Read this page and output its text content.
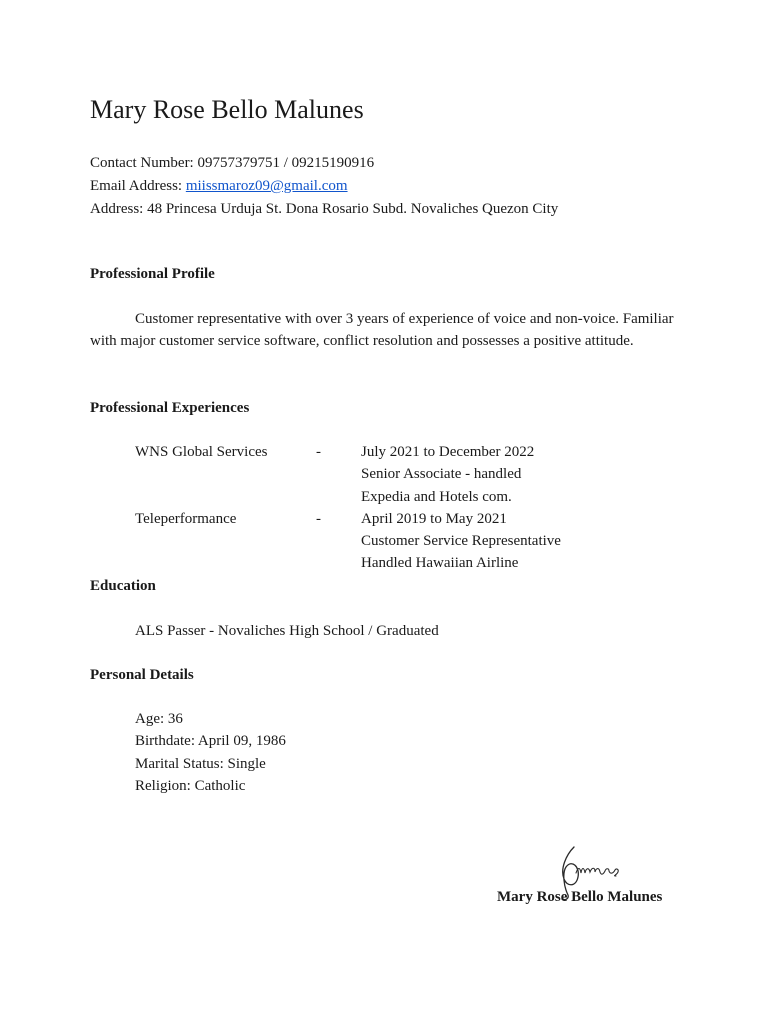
Mary Rose Bello Malunes
Contact Number: 09757379751 / 09215190916
Email Address: miissmaroz09@gmail.com
Address: 48 Princesa Urduja St. Dona Rosario Subd. Novaliches Quezon City
Professional Profile
Customer representative with over 3 years of experience of voice and non-voice. Familiar with major customer service software, conflict resolution and possesses a positive attitude.
Professional Experiences
WNS Global Services	-	July 2021 to December 2022
Senior Associate - handled
Expedia and Hotels com.
Teleperformance	-	April 2019 to May 2021
Customer Service Representative
Handled Hawaiian Airline
Education
ALS Passer - Novaliches High School / Graduated
Personal Details
Age: 36
Birthdate: April 09, 1986
Marital Status: Single
Religion: Catholic
Mary Rose Bello Malunes
